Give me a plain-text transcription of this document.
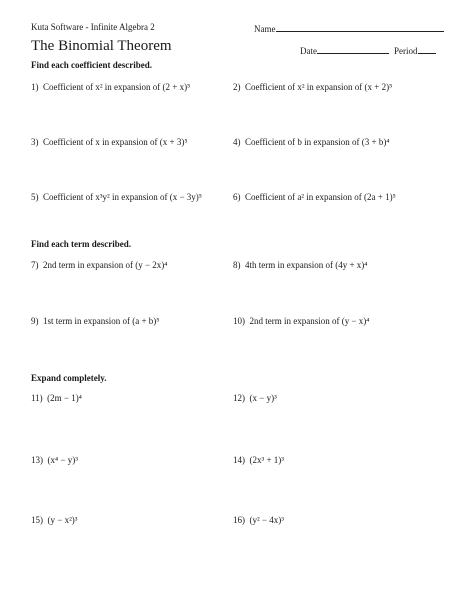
Kuta Software - Infinite Algebra 2	Name
The Binomial Theorem	Date	Period
Find each coefficient described.
1) Coefficient of x² in expansion of (2 + x)⁵	2) Coefficient of x² in expansion of (x + 2)⁵
3) Coefficient of x in expansion of (x + 3)⁵	4) Coefficient of b in expansion of (3 + b)⁴
5) Coefficient of x³y² in expansion of (x − 3y)⁵	6) Coefficient of a² in expansion of (2a + 1)⁵
Find each term described.
7) 2nd term in expansion of (y − 2x)⁴	8) 4th term in expansion of (4y + x)⁴
9) 1st term in expansion of (a + b)⁵	10) 2nd term in expansion of (y − x)⁴
Expand completely.
11) (2m − 1)⁴	12) (x − y)³
13) (x⁴ − y)³	14) (2x³ + 1)³
15) (y − x²)³	16) (y² − 4x)³
